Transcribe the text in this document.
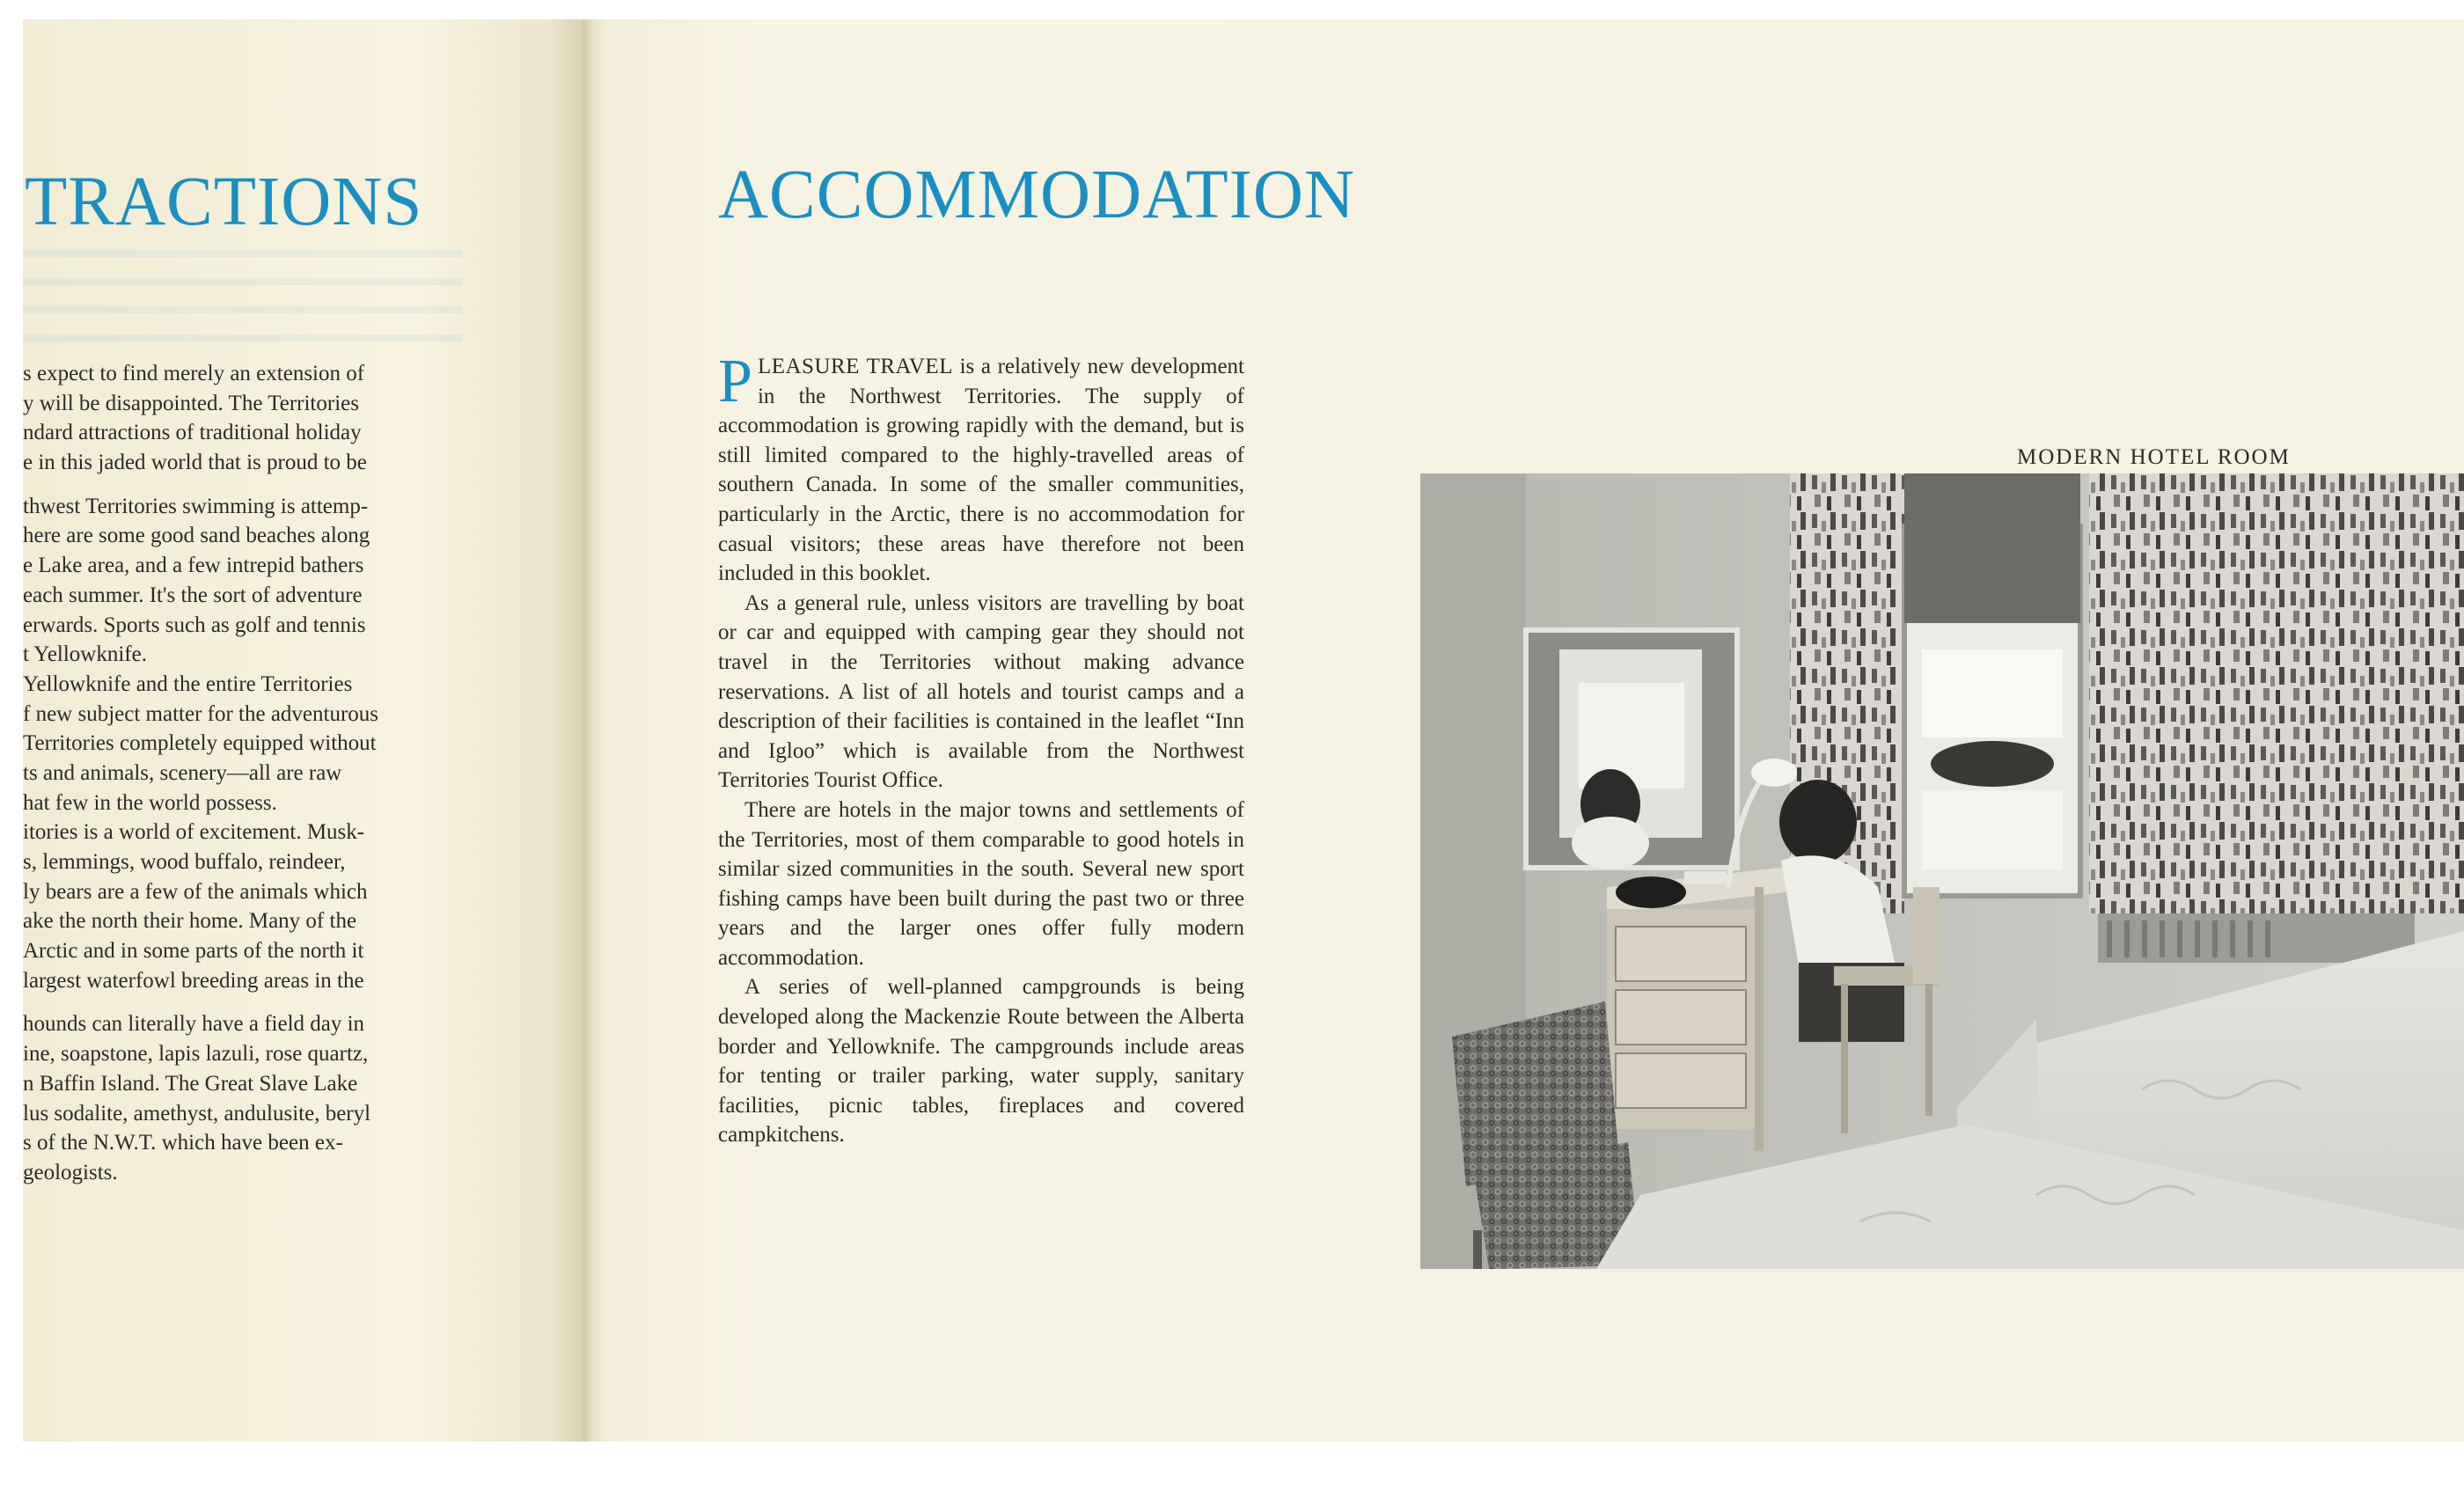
TRACTIONS
s expect to find merely an extension of
y will be disappointed. The Territories
ndard attractions of traditional holiday
e in this jaded world that is proud to be
thwest Territories swimming is attemp-
here are some good sand beaches along
e Lake area, and a few intrepid bathers
each summer. It's the sort of adventure
erwards. Sports such as golf and tennis
t Yellowknife.
Yellowknife and the entire Territories
f new subject matter for the adventurous
Territories completely equipped without
ts and animals, scenery—all are raw
hat few in the world possess.
itories is a world of excitement. Musk-
s, lemmings, wood buffalo, reindeer,
ly bears are a few of the animals which
ake the north their home. Many of the
Arctic and in some parts of the north it
largest waterfowl breeding areas in the
hounds can literally have a field day in
ine, soapstone, lapis lazuli, rose quartz,
n Baffin Island. The Great Slave Lake
lus sodalite, amethyst, andulusite, beryl
s of the N.W.T. which have been ex-
geologists.
ACCOMMODATION

PLEASURE TRAVEL is a relatively new development in the Northwest Territories. The supply of accommodation is growing rapidly with the demand, but is still limited compared to the highly-travelled areas of southern Canada. In some of the smaller communities, particularly in the Arctic, there is no accommodation for casual visitors; these areas have therefore not been included in this booklet.

As a general rule, unless visitors are travelling by boat or car and equipped with camping gear they should not travel in the Territories without making advance reservations. A list of all hotels and tourist camps and a description of their facilities is contained in the leaflet “Inn and Igloo” which is available from the Northwest Territories Tourist Office.

There are hotels in the major towns and settlements of the Territories, most of them comparable to good hotels in similar sized communities in the south. Several new sport fishing camps have been built during the past two or three years and the larger ones offer fully modern accommodation.

A series of well-planned campgrounds is being developed along the Mackenzie Route between the Alberta border and Yellowknife. The campgrounds include areas for tenting or trailer parking, water supply, sanitary facilities, picnic tables, fireplaces and covered campkitchens.

MODERN HOTEL ROOM
